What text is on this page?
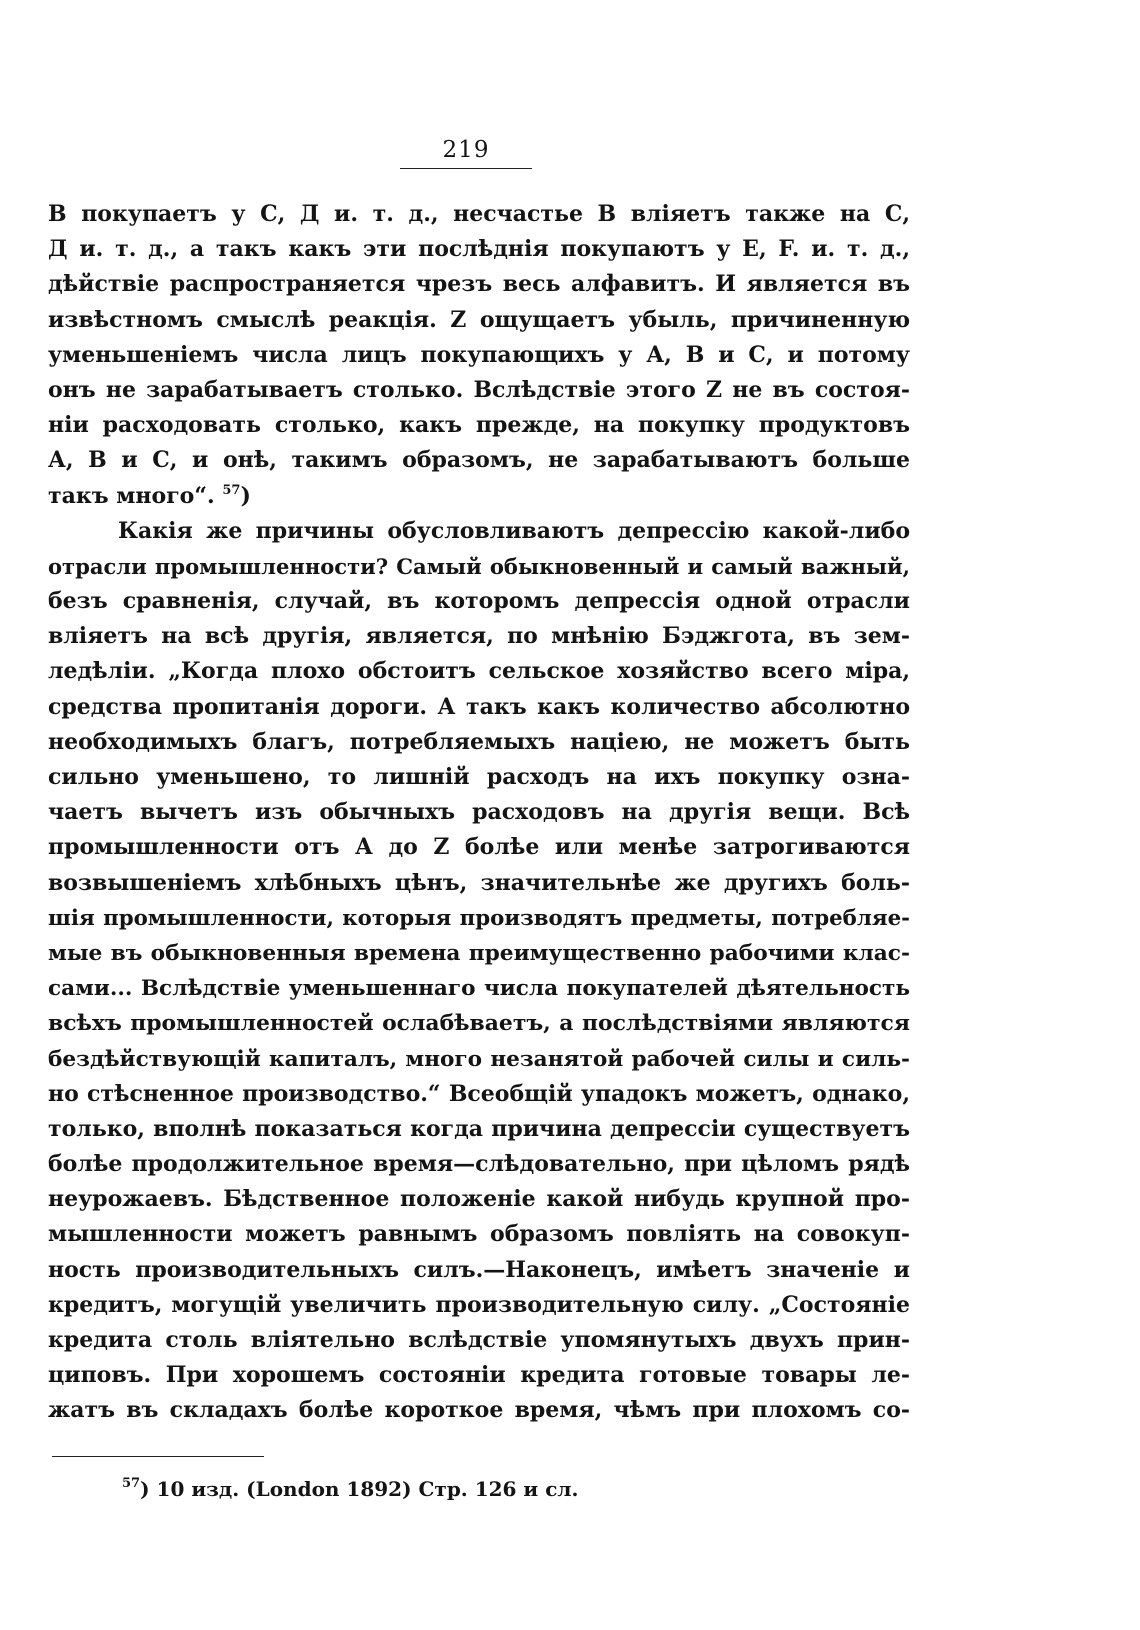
219
В покупаетъ у С, Д и. т. д., несчастье В вліяетъ также на С,
Д и. т. д., а такъ какъ эти послѣднія покупаютъ у Е, F. и. т. д.,
дѣйствіе распространяется чрезъ весь алфавитъ. И является въ
извѣстномъ смыслѣ реакція. Z ощущаетъ убыль, причиненную
уменьшеніемъ числа лицъ покупающихъ у А, В и С, и потому
онъ не зарабатываетъ столько. Вслѣдствіе этого Z не въ состоя-
ніи расходовать столько, какъ прежде, на покупку продуктовъ
А, В и С, и онѣ, такимъ образомъ, не зарабатываютъ больше
такъ много“. $^{57}$)
Какія же причины обусловливаютъ депрессію какой-либо
отрасли промышленности? Самый обыкновенный и самый важный,
безъ сравненія, случай, въ которомъ депрессія одной отрасли
вліяетъ на всѣ другія, является, по мнѣнію Бэджгота, въ зем-
ледѣліи. „Когда плохо обстоитъ сельское хозяйство всего міра,
средства пропитанія дороги. А такъ какъ количество абсолютно
необходимыхъ благъ, потребляемыхъ націею, не можетъ быть
сильно уменьшено, то лишній расходъ на ихъ покупку озна-
чаетъ вычетъ изъ обычныхъ расходовъ на другія вещи. Всѣ
промышленности отъ А до Z болѣе или менѣе затрогиваются
возвышеніемъ хлѣбныхъ цѣнъ, значительнѣе же другихъ боль-
шія промышленности, которыя производятъ предметы, потребляе-
мые въ обыкновенныя времена преимущественно рабочими клас-
сами... Вслѣдствіе уменьшеннаго числа покупателей дѣятельность
всѣхъ промышленностей ослабѣваетъ, а послѣдствіями являются
бездѣйствующій капиталъ, много незанятой рабочей силы и силь-
но стѣсненное производство.“ Всеобщій упадокъ можетъ, однако,
только, вполнѣ показаться когда причина депрессіи существуетъ
болѣе продолжительное время—слѣдовательно, при цѣломъ рядѣ
неурожаевъ. Бѣдственное положеніе какой нибудь крупной про-
мышленности можетъ равнымъ образомъ повліять на совокуп-
ность производительныхъ силъ.—Наконецъ, имѣетъ значеніе и
кредитъ, могущій увеличить производительную силу. „Состояніе
кредита столь вліятельно вслѣдствіе упомянутыхъ двухъ прин-
циповъ. При хорошемъ состояніи кредита готовые товары ле-
жатъ въ складахъ болѣе короткое время, чѣмъ при плохомъ со-
$^{57}$) 10 изд. (London 1892) Стр. 126 и сл.
